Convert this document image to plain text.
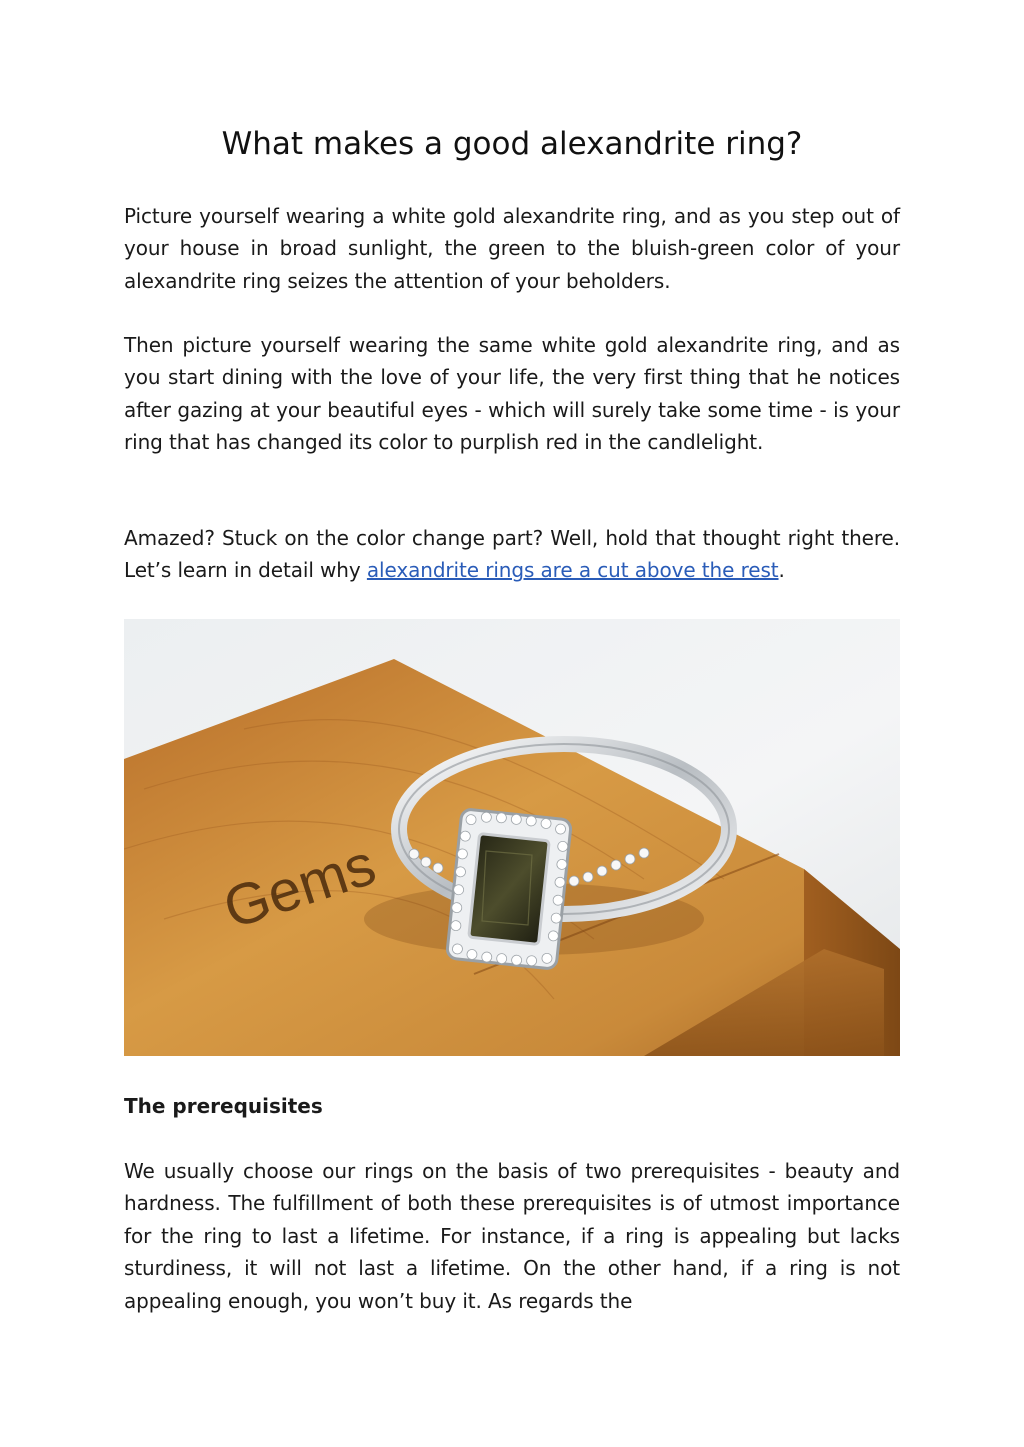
What makes a good alexandrite ring?

Picture yourself wearing a white gold alexandrite ring, and as you step out of your house in broad sunlight, the green to the bluish-green color of your alexandrite ring seizes the attention of your beholders.

Then picture yourself wearing the same white gold alexandrite ring, and as you start dining with the love of your life, the very first thing that he notices after gazing at your beautiful eyes - which will surely take some time - is your ring that has changed its color to purplish red in the candlelight.

Amazed? Stuck on the color change part? Well, hold that thought right there. Let’s learn in detail why alexandrite rings are a cut above the rest.

Gems
The prerequisites

We usually choose our rings on the basis of two prerequisites - beauty and hardness. The fulfillment of both these prerequisites is of utmost importance for the ring to last a lifetime. For instance, if a ring is appealing but lacks sturdiness, it will not last a lifetime. On the other hand, if a ring is not appealing enough, you won’t buy it. As regards the
